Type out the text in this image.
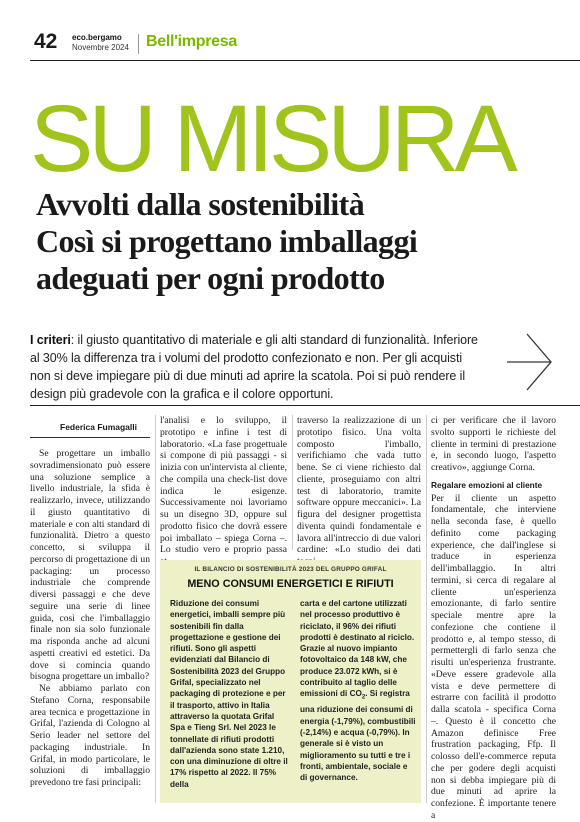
42 eco.bergamo
Novembre 2024 Bell'impresa
SU MISURA
Avvolti dalla sostenibilità
Così si progettano imballaggi
adeguati per ogni prodotto
I criteri: il giusto quantitativo di materiale e gli alti standard di funzionalità. Inferiore al 30% la differenza tra i volumi del prodotto confezionato e non. Per gli acquisti non si deve impiegare più di due minuti ad aprire la scatola. Poi si può rendere il design più gradevole con la grafica e il colore opportuni.
Federica Fumagalli

Se progettare un imballo sovradimensionato può essere una soluzione semplice a livello industriale, la sfida è realizzarlo, invece, utilizzando il giusto quantitativo di materiale e con alti standard di funzionalità. Dietro a questo concetto, si sviluppa il percorso di progettazione di un packaging: un processo industriale che comprende diversi passaggi e che deve seguire una serie di linee guida, così che l'imballaggio finale non sia solo funzionale ma risponda anche ad alcuni aspetti creativi ed estetici. Da dove si comincia quando bisogna progettare un imballo?

Ne abbiamo parlato con Stefano Corna, responsabile area tecnica e progettazione in Grifal, l'azienda di Cologno al Serio leader nel settore del packaging industriale. In Grifal, in modo particolare, le soluzioni di imballaggio prevedono tre fasi principali:

l'analisi e lo sviluppo, il prototipo e infine i test di laboratorio. «La fase progettuale si compone di più passaggi - si inizia con un'intervista al cliente, che compila una check-list dove indica le esigenze. Successivamente noi lavoriamo su un disegno 3D, oppure sul prodotto fisico che dovrà essere poi imballato – spiega Corna –. Lo studio vero e proprio passa

traverso la realizzazione di un prototipo fisico. Una volta composto l'imballo, verifichiamo che vada tutto bene. Se ci viene richiesto dal cliente, proseguiamo con altri test di laboratorio, tramite software oppure meccanici». La figura del designer progettista diventa quindi fondamentale e lavora all'intreccio di due valori cardine: «Lo studio dei dati

ci per verificare che il lavoro svolto supporti le richieste del cliente in termini di prestazione e, in secondo luogo, l'aspetto creativo», aggiunge Corna.

Regalare emozioni al cliente

Per il cliente un aspetto fondamentale, che interviene nella seconda fase, è quello definito come packaging experience, che dall'inglese si traduce in esperienza dell'imballaggio. In altri termini, si cerca di regalare al cliente un'esperienza emozionante, di farlo sentire speciale mentre apre la confezione che contiene il prodotto e, al tempo stesso, di permettergli di farlo senza che risulti un'esperienza frustrante. «Deve essere gradevole alla vista e deve permettere di estrarre con facilità il prodotto dalla scatola - specifica Corna –. Questo è il concetto che Amazon definisce Free frustration packaging, Ffp. Il colosso dell'e-commerce reputa che per godere degli acquisti non si debba impiegare più di due minuti ad aprire la confezione. È importante tenere a

IL BILANCIO DI SOSTENIBILITÀ 2023 DEL GRUPPO GRIFAL
MENO CONSUMI ENERGETICI E RIFIUTI

Riduzione dei consumi energetici, imballi sempre più sostenibili fin dalla progettazione e gestione dei rifiuti. Sono gli aspetti evidenziati dal Bilancio di Sostenibilità 2023 del Gruppo Grifal, specializzato nel packaging di protezione e per il trasporto, attivo in Italia attraverso la quotata Grifal Spa e Tieng Srl. Nel 2023 le tonnellate di rifiuti prodotti dall'azienda sono state 1.210, con una diminuzione di oltre il 17% rispetto al 2022. Il 75% della

carta e del cartone utilizzati nel processo produttivo è riciclato, il 96% dei rifiuti prodotti è destinato al riciclo. Grazie al nuovo impianto fotovoltaico da 148 kW, che produce 23.072 kWh, si è contribuito al taglio delle emissioni di $CO_2$. Si registra una riduzione dei consumi di energia (-1,79%), combustibili (-2,14%) e acqua (-0,79%). In generale si è visto un miglioramento su tutti e tre i fronti, ambientale, sociale e di governance.
